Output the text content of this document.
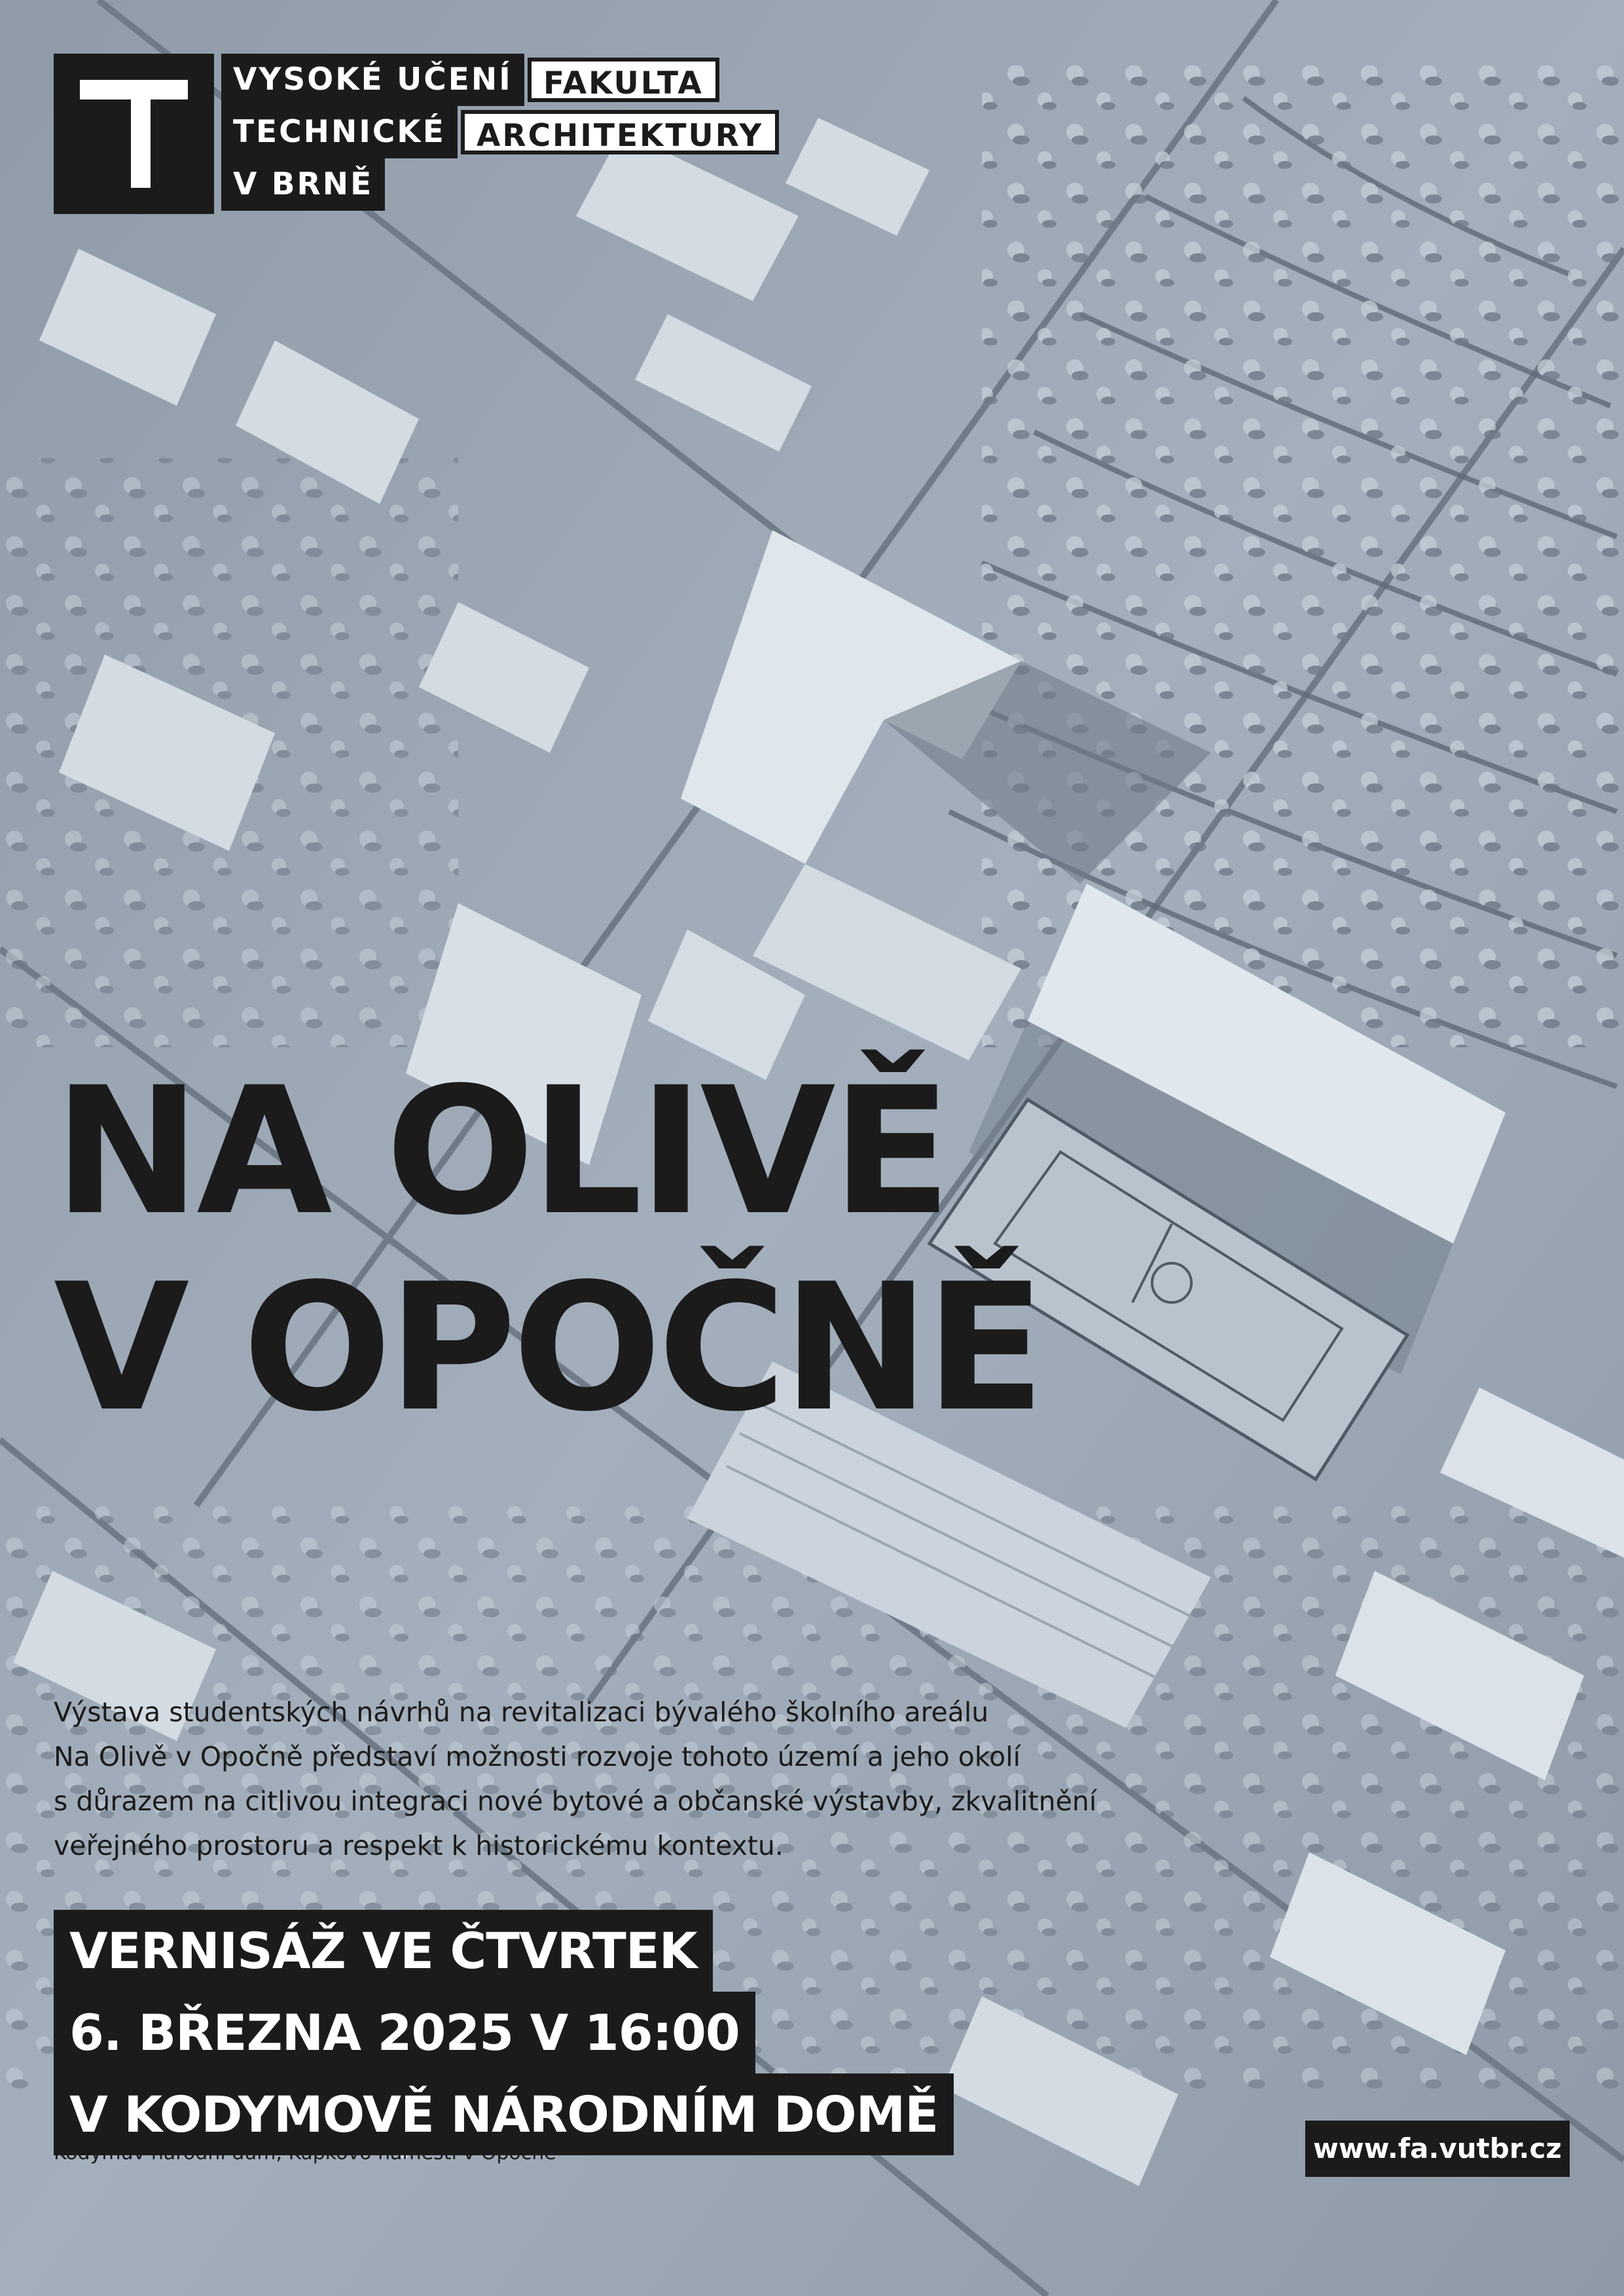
VYSOKÉ UČENÍ
TECHNICKÉ
V BRNĚ
FAKULTA
ARCHITEKTURY
NA OLIVĚ
V OPOČNĚ
Výstava studentských návrhů na revitalizaci bývalého školního areálu
Na Olivě v Opočně představí možnosti rozvoje tohoto území a jeho okolí
s důrazem na citlivou integraci nové bytové a občanské výstavby, zkvalitnění
veřejného prostoru a respekt k historickému kontextu.
VERNISÁŽ VE ČTVRTEK
6. BŘEZNA 2025 V 16:00
V KODYMOVĚ NÁRODNÍM DOMĚ
Kodymův národní dům, Kupkovo náměstí v Opočně	www.fa.vutbr.cz
